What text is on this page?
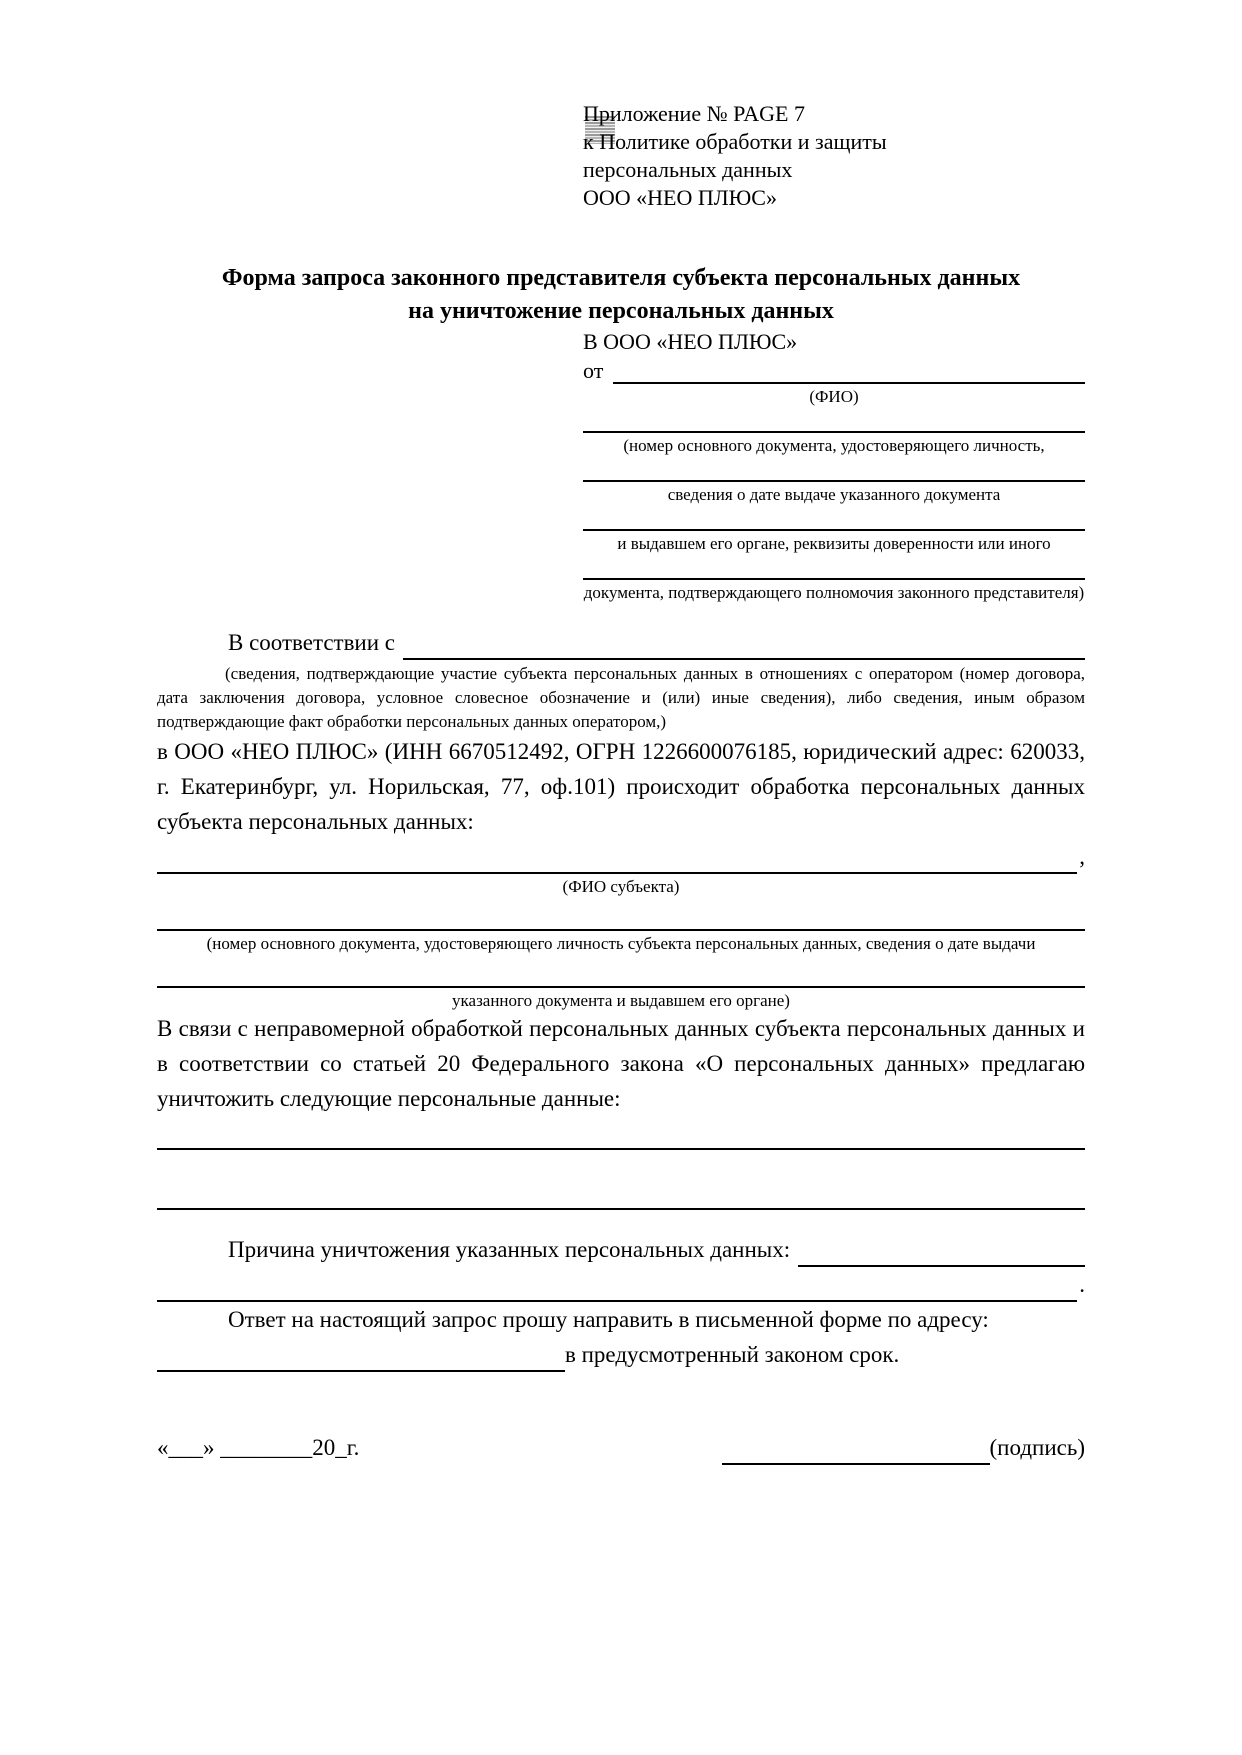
Приложение № PAGE 7
к Политике обработки и защиты
персональных данных
ООО «НЕО ПЛЮС»
Форма запроса законного представителя субъекта персональных данных
на уничтожение персональных данных
В ООО «НЕО ПЛЮС»
от
(ФИО)
(номер основного документа, удостоверяющего личность,
сведения о дате выдаче указанного документа
и выдавшем его органе, реквизиты доверенности или иного
документа, подтверждающего полномочия законного представителя)
В соответствии с
(сведения, подтверждающие участие субъекта персональных данных в отношениях с оператором (номер договора, дата заключения договора, условное словесное обозначение и (или) иные сведения), либо сведения, иным образом подтверждающие факт обработки персональных данных оператором,)
в ООО «НЕО ПЛЮС» (ИНН 6670512492, ОГРН 1226600076185, юридический адрес: 620033, г. Екатеринбург, ул. Норильская, 77, оф.101) происходит обработка персональных данных субъекта персональных данных:
,
(ФИО субъекта)
(номер основного документа, удостоверяющего личность субъекта персональных данных, сведения о дате выдачи
указанного документа и выдавшем его органе)
В связи с неправомерной обработкой персональных данных субъекта персональных данных и в соответствии со статьей 20 Федерального закона «О персональных данных» предлагаю уничтожить следующие персональные данные:
Причина уничтожения указанных персональных данных:
.
Ответ на настоящий запрос прошу направить в письменной форме по адресу:
в предусмотренный законом срок.
«___» ________20_г.	(подпись)
